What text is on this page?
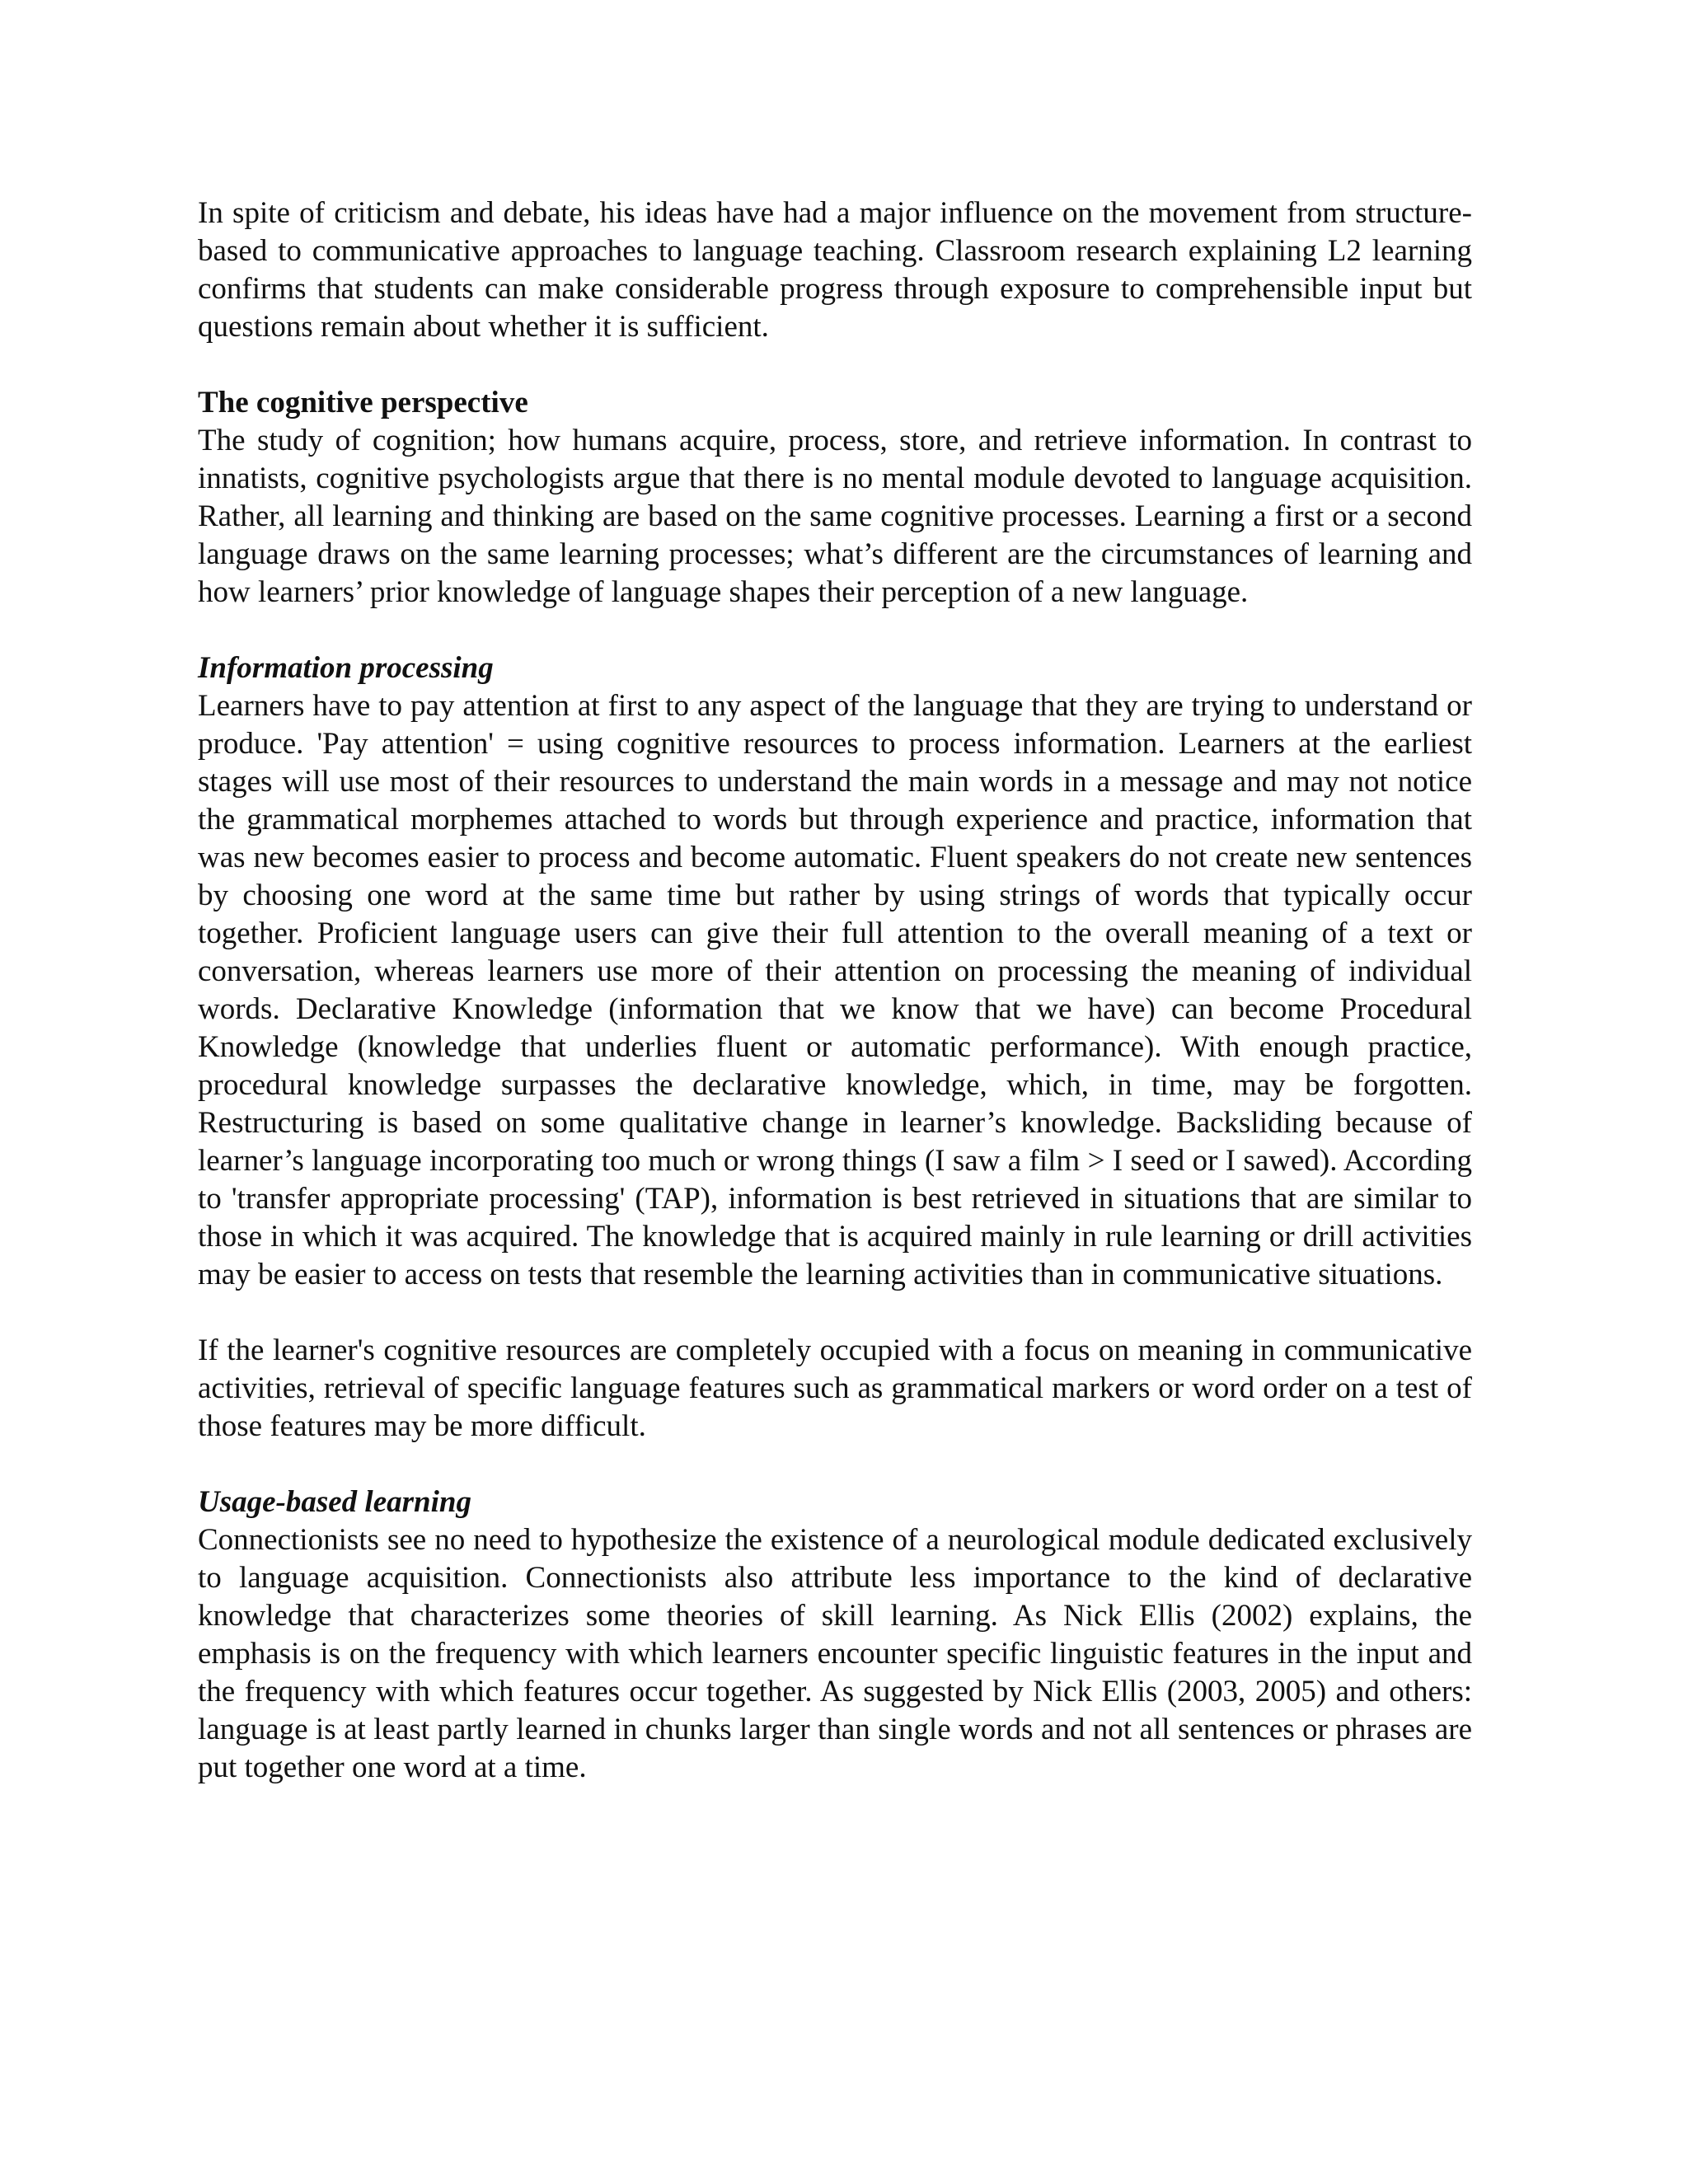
In spite of criticism and debate, his ideas have had a major influence on the movement from structure-based to communicative approaches to language teaching. Classroom research explaining L2 learning confirms that students can make considerable progress through exposure to comprehensible input but questions remain about whether it is sufficient.

The cognitive perspective

The study of cognition; how humans acquire, process, store, and retrieve information. In contrast to innatists, cognitive psychologists argue that there is no mental module devoted to language acquisition. Rather, all learning and thinking are based on the same cognitive processes. Learning a first or a second language draws on the same learning processes; what’s different are the circumstances of learning and how learners’ prior knowledge of language shapes their perception of a new language.

Information processing

Learners have to pay attention at first to any aspect of the language that they are trying to understand or produce. 'Pay attention' = using cognitive resources to process information. Learners at the earliest stages will use most of their resources to understand the main words in a message and may not notice the grammatical morphemes attached to words but through experience and practice, information that was new becomes easier to process and become automatic. Fluent speakers do not create new sentences by choosing one word at the same time but rather by using strings of words that typically occur together. Proficient language users can give their full attention to the overall meaning of a text or conversation, whereas learners use more of their attention on processing the meaning of individual words. Declarative Knowledge (information that we know that we have) can become Procedural Knowledge (knowledge that underlies fluent or automatic performance). With enough practice, procedural knowledge surpasses the declarative knowledge, which, in time, may be forgotten. Restructuring is based on some qualitative change in learner’s knowledge. Backsliding because of learner’s language incorporating too much or wrong things (I saw a film > I seed or I sawed). According to 'transfer appropriate processing' (TAP), information is best retrieved in situations that are similar to those in which it was acquired. The knowledge that is acquired mainly in rule learning or drill activities may be easier to access on tests that resemble the learning activities than in communicative situations.

If the learner's cognitive resources are completely occupied with a focus on meaning in communicative activities, retrieval of specific language features such as grammatical markers or word order on a test of those features may be more difficult.

Usage-based learning

Connectionists see no need to hypothesize the existence of a neurological module dedicated exclusively to language acquisition. Connectionists also attribute less importance to the kind of declarative knowledge that characterizes some theories of skill learning. As Nick Ellis (2002) explains, the emphasis is on the frequency with which learners encounter specific linguistic features in the input and the frequency with which features occur together. As suggested by Nick Ellis (2003, 2005) and others: language is at least partly learned in chunks larger than single words and not all sentences or phrases are put together one word at a time.
